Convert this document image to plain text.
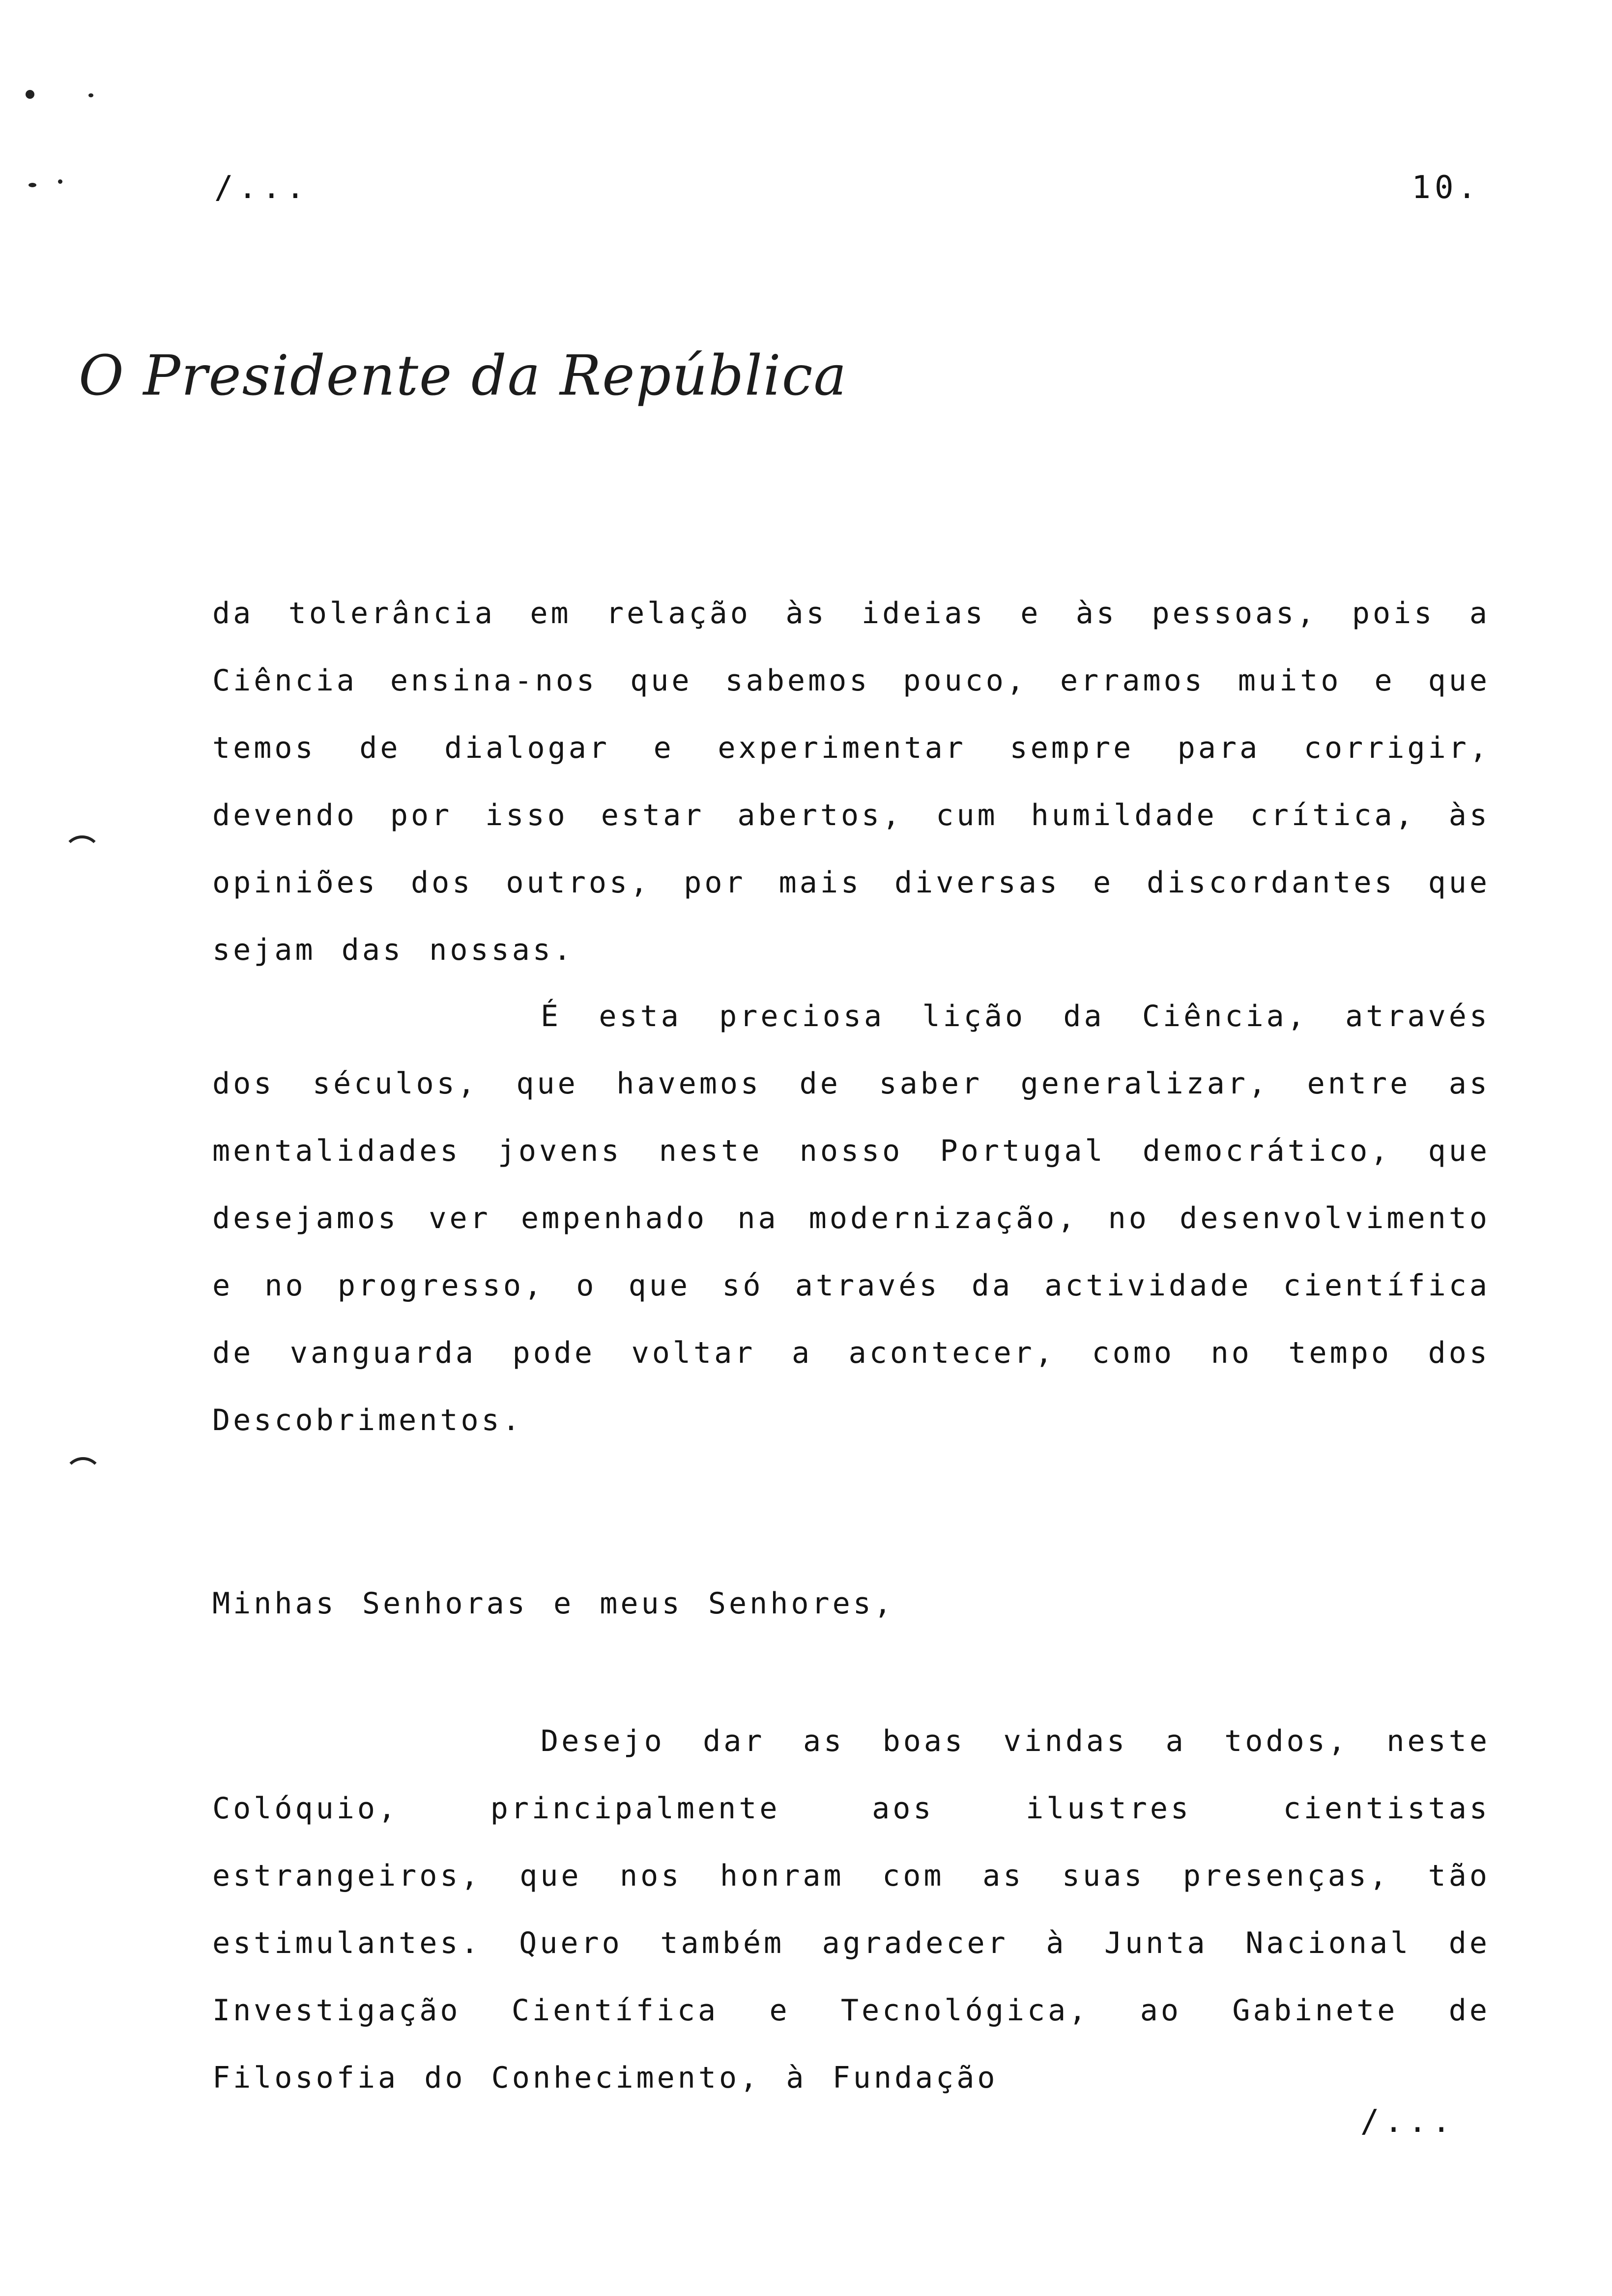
/...	10.
O Presidente da República

da tolerância em relação às ideias e às pessoas, pois a Ciência ensina-nos que sabemos pouco, erramos muito e que temos de dialogar e experimentar sempre para corrigir, devendo por isso estar abertos, cum humildade crítica, às opiniões dos outros, por mais diversas e discordantes que sejam das nossas.

É esta preciosa lição da Ciência, através dos séculos, que havemos de saber generalizar, entre as mentalidades jovens neste nosso Portugal democrático, que desejamos ver empenhado na modernização, no desenvolvimento e no progresso, o que só através da actividade científica de vanguarda pode voltar a acontecer, como no tempo dos Descobrimentos.

Minhas Senhoras e meus Senhores,

Desejo dar as boas vindas a todos, neste Colóquio, principalmente aos ilustres cientistas estrangeiros, que nos honram com as suas presenças, tão estimulantes. Quero também agradecer à Junta Nacional de Investigação Científica e Tecnológica, ao Gabinete de Filosofia do Conhecimento, à Fundação

/...
